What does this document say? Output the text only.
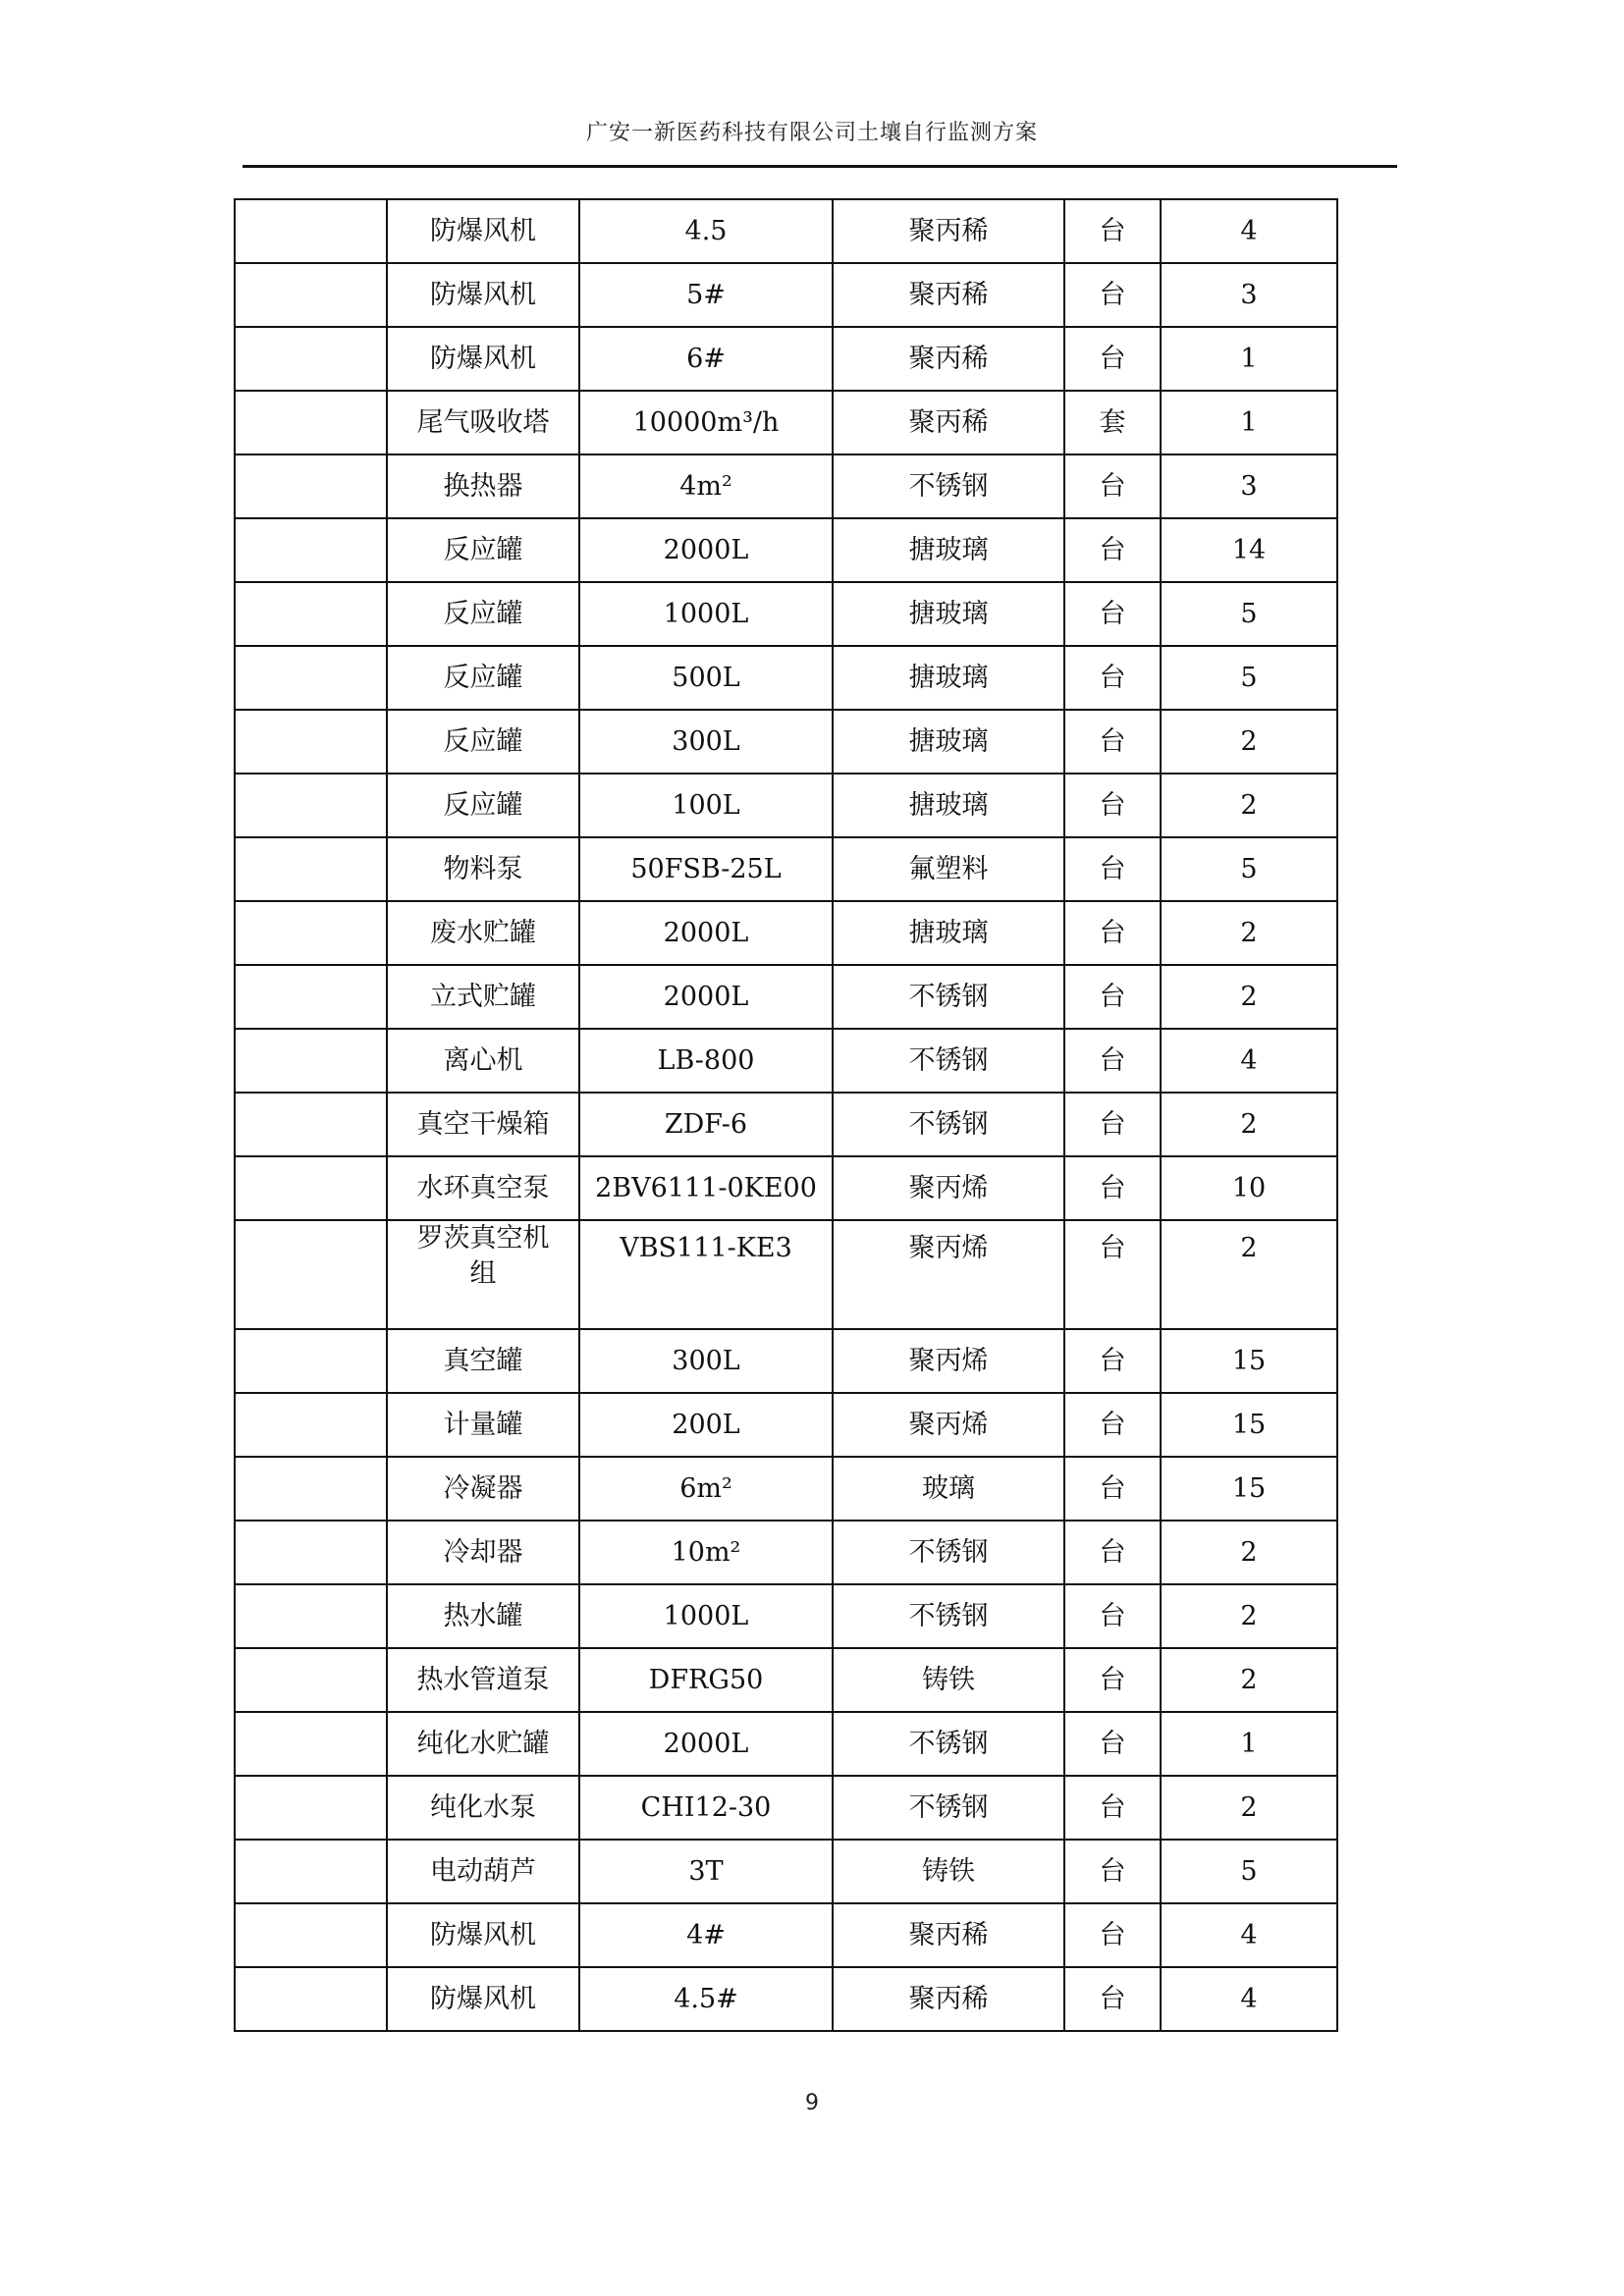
广安一新医药科技有限公司土壤自行监测方案
	防爆风机	4.5	聚丙稀	台	4
	防爆风机	5#	聚丙稀	台	3
	防爆风机	6#	聚丙稀	台	1
	尾气吸收塔	10000m³/h	聚丙稀	套	1
	换热器	4m²	不锈钢	台	3
	反应罐	2000L	搪玻璃	台	14
	反应罐	1000L	搪玻璃	台	5
	反应罐	500L	搪玻璃	台	5
	反应罐	300L	搪玻璃	台	2
	反应罐	100L	搪玻璃	台	2
	物料泵	50FSB-25L	氟塑料	台	5
	废水贮罐	2000L	搪玻璃	台	2
	立式贮罐	2000L	不锈钢	台	2
	离心机	LB-800	不锈钢	台	4
	真空干燥箱	ZDF-6	不锈钢	台	2
	水环真空泵	2BV6111-0KE00	聚丙烯	台	10
	罗茨真空机组	VBS111-KE3	聚丙烯	台	2
	真空罐	300L	聚丙烯	台	15
	计量罐	200L	聚丙烯	台	15
	冷凝器	6m²	玻璃	台	15
	冷却器	10m²	不锈钢	台	2
	热水罐	1000L	不锈钢	台	2
	热水管道泵	DFRG50	铸铁	台	2
	纯化水贮罐	2000L	不锈钢	台	1
	纯化水泵	CHI12-30	不锈钢	台	2
	电动葫芦	3T	铸铁	台	5
	防爆风机	4#	聚丙稀	台	4
	防爆风机	4.5#	聚丙稀	台	4
9
